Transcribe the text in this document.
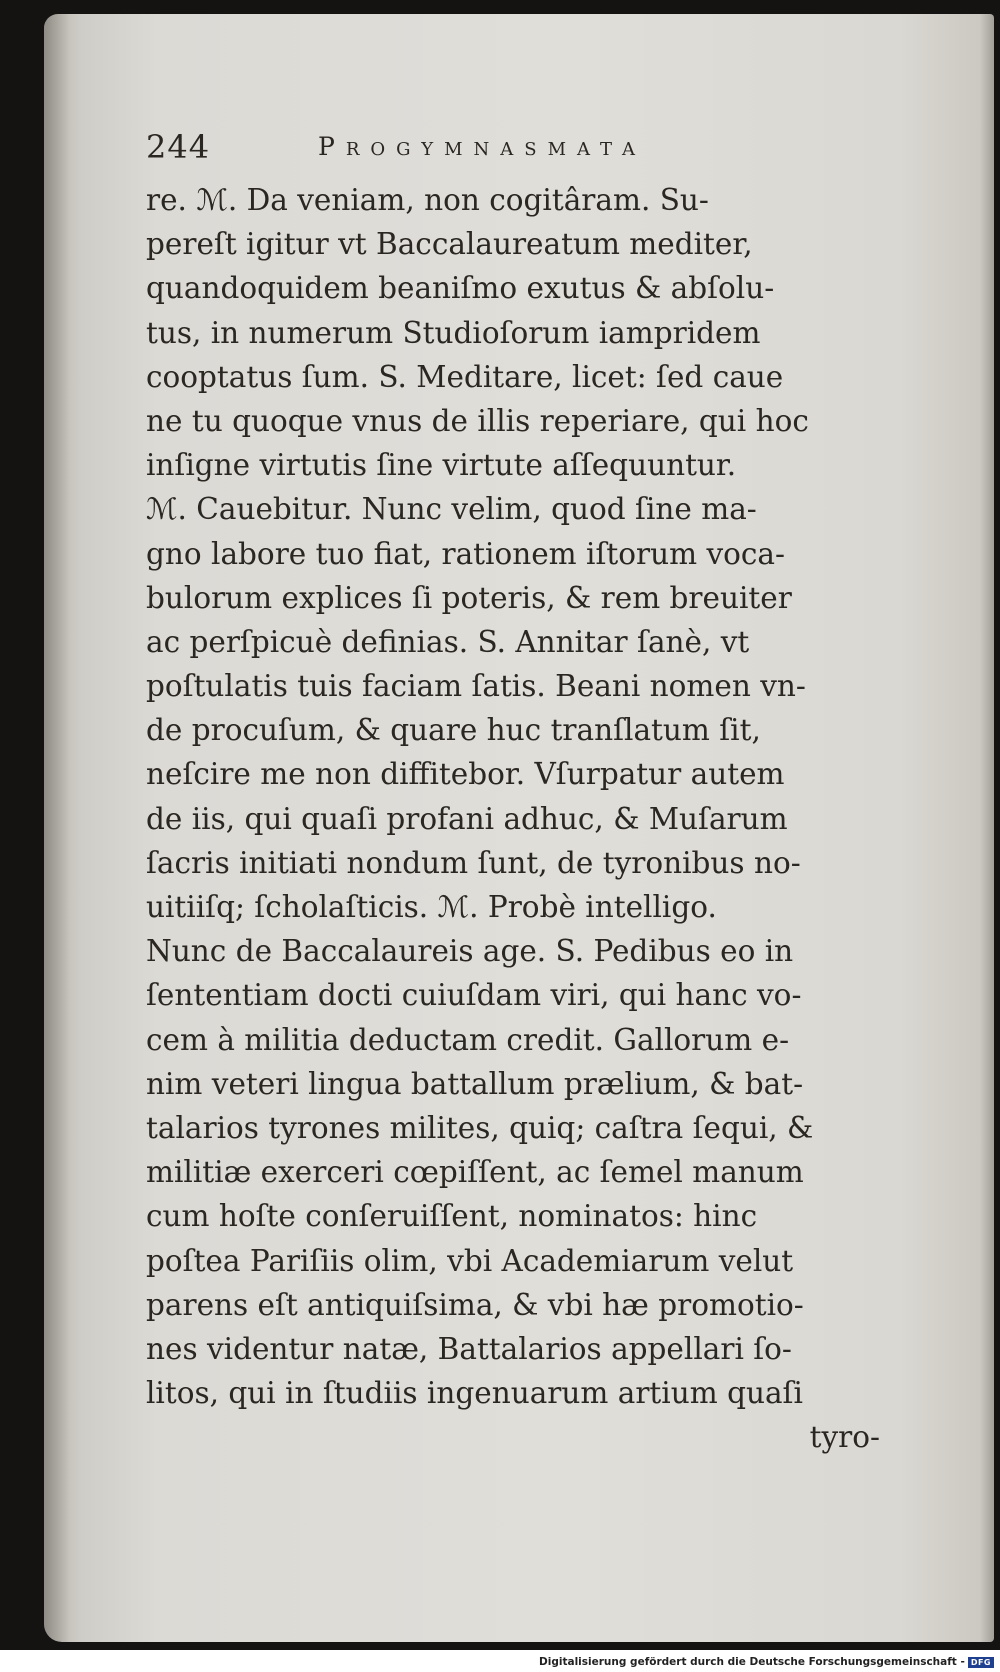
244	Progymnasmata
re. ℳ. Da veniam, non cogitâram. Su-
pereſt igitur vt Baccalaureatum mediter,
quandoquidem beaniſmo exutus & abſolu-
tus, in numerum Studioſorum iampridem
cooptatus ſum. S. Meditare, licet: ſed caue
ne tu quoque vnus de illis reperiare, qui hoc
inſigne virtutis ſine virtute aſſequuntur.
ℳ. Cauebitur. Nunc velim, quod ſine ma-
gno labore tuo fiat, rationem iſtorum voca-
bulorum explices ſi poteris, & rem breuiter
ac perſpicuè definias. S. Annitar ſanè, vt
poſtulatis tuis faciam ſatis. Beani nomen vn-
de procuſum, & quare huc tranſlatum ſit,
neſcire me non diffitebor. Vſurpatur autem
de iis, qui quaſi profani adhuc, & Muſarum
ſacris initiati nondum ſunt, de tyronibus no-
uitiiſq; ſcholaſticis. ℳ. Probè intelligo.
Nunc de Baccalaureis age. S. Pedibus eo in
ſententiam docti cuiuſdam viri, qui hanc vo-
cem à militia deductam credit. Gallorum e-
nim veteri lingua battallum prælium, & bat-
talarios tyrones milites, quiq; caſtra ſequi, &
militiæ exerceri cœpiſſent, ac ſemel manum
cum hoſte conſeruiſſent, nominatos: hinc
poſtea Pariſiis olim, vbi Academiarum velut
parens eſt antiquiſsima, & vbi hæ promotio-
nes videntur natæ, Battalarios appellari ſo-
litos, qui in ſtudiis ingenuarum artium quaſi
tyro-
Digitalisierung gefördert durch die Deutsche Forschungsgemeinschaft - DFG
